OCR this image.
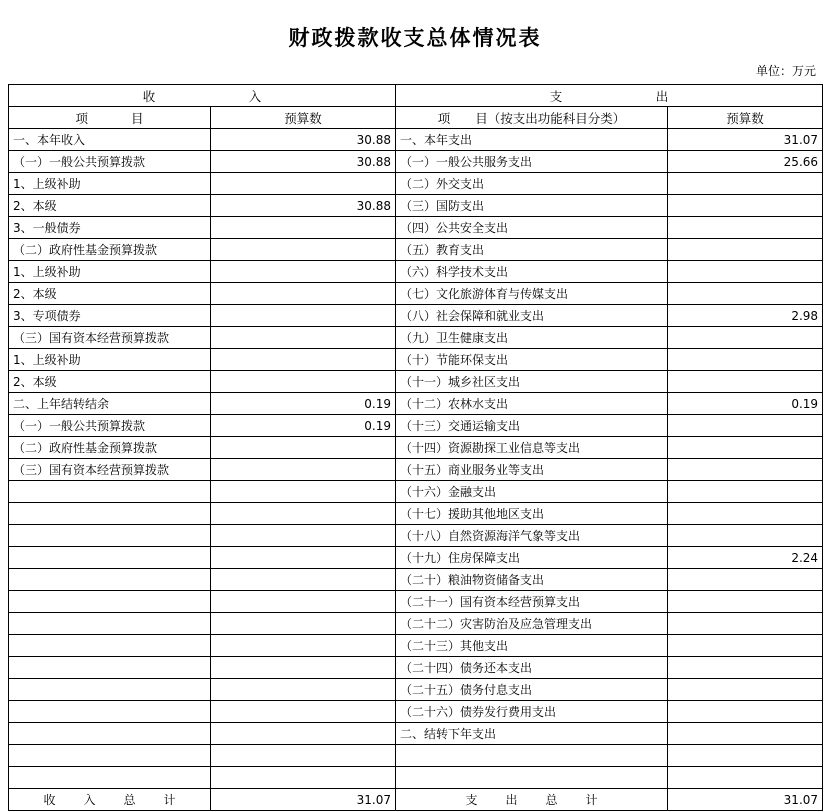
财政拨款收支总体情况表
单位：万元
收　　　入		支　　　出	
项　　目	预算数	项　　目（按支出功能科目分类）	预算数
一、本年收入	30.88	一、本年支出	31.07
（一）一般公共预算拨款	30.88	（一）一般公共服务支出	25.66
1、上级补助		（二）外交支出	
2、本级	30.88	（三）国防支出	
3、一般债券		（四）公共安全支出	
（二）政府性基金预算拨款		（五）教育支出	
1、上级补助		（六）科学技术支出	
2、本级		（七）文化旅游体育与传媒支出	
3、专项债券		（八）社会保障和就业支出	2.98
（三）国有资本经营预算拨款		（九）卫生健康支出	
1、上级补助		（十）节能环保支出	
2、本级		（十一）城乡社区支出	
二、上年结转结余	0.19	（十二）农林水支出	0.19
（一）一般公共预算拨款	0.19	（十三）交通运输支出	
（二）政府性基金预算拨款		（十四）资源勘探工业信息等支出	
（三）国有资本经营预算拨款		（十五）商业服务业等支出	
		（十六）金融支出	
		（十七）援助其他地区支出	
		（十八）自然资源海洋气象等支出	
		（十九）住房保障支出	2.24
		（二十）粮油物资储备支出	
		（二十一）国有资本经营预算支出	
		（二十二）灾害防治及应急管理支出	
		（二十三）其他支出	
		（二十四）债务还本支出	
		（二十五）债务付息支出	
		（二十六）债券发行费用支出	
		二、结转下年支出	

收　入　总　计	31.07	支　出　总　计	31.07
